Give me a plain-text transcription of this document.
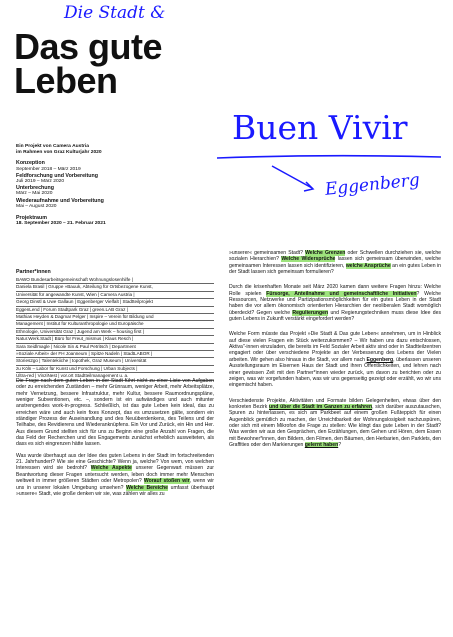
Die Stadt &
Das gute
Leben
Buen Vivir
Eggenberg
Ein Projekt von Camera Austria
im Rahmen von Graz Kulturjahr 2020
Konzeption
September 2018 – März 2019
Feldforschung und Vorbereitung
Juli 2019 – März 2020
Unterbrechung
März – Mai 2020
Wiederaufnahme und Vorbereitung
Mai – August 2020
Projektraum
18. September 2020 – 21. Februar 2021
Partner*innen
BAWO Bundesarbeitsgemeinschaft Wohnungslosenhilfe |
Daniela Brasil | Gruppe »Bauuk, Abteilung für Ortsbezogene Kunst,
Universität für angewandte Kunst, Wien | Camera Austria |
Georg Dinstl & Uwe Gallaun | Eggenberger Vielfalt | Stadtteilprojekt
EggenLend | Forum Stadtpark Graz | green.LAB Graz |
Mathias Heyden & Dagmar Pelger | Inspire – Verein für Bildung und
Management | Institut für Kulturanthropologie und Europäische
Ethnologie, Universität Graz | Jugend am Werk – housing first |
Natur.Werk.Stadt | Büro für Freut_mismus | Klaus Resch |
Sara Seidlmagle | Nicole Sin & Paul Petritsch | Department
»Soziale Arbeit« der FH Joanneum | Spitze Nadeln | StadtLABOR |
Stories2go | Talentekiiche | topothek, Graz Museum | Universität
zu Köln – Labor für Kunst und Forschung | Urban Subjects |
Ultra-red | VinziNest | vor.ort Stadtteilmanagement u. a.

Die Frage nach dem guten Leben in der Stadt führt nicht zu einer Liste von Aufgaben oder zu erreichenden Zuständen – mehr Grünraum, weniger Arbeit, mehr Arbeitsplätze, mehr Vernetzung, bessere Infrastruktur, mehr Kultur, bessere Raumordnungspläne, weniger Subventionen, etc. –, sondern ist ein aufwändiges und auch mitunter anstrengendes work-in-progress. Schließlich, ist das gute Leben kein ideal, das zu erreichen wäre und auch kein fixes Konzept, das es umzusetzen gälte, sondern ein ständiger Prozess der Auseinandlung und des Neuüberdenkens, des Teilens und der Teilhabe, des Revidierens und Wiederanknüpfens. Ein Vor und Zurück, ein Hin und Her. Aus diesem Grund stellten sich für uns zu Beginn eine große Anzahl von Fragen, die das Feld der Recherchen und des Engagements zunächst erheblich ausweiteten, als dass es sich eingrenzen hätte lassen.

Was wurde überhaupt aus der Idee des guten Lebens in der Stadt im fortschreitenden 21. Jahrhundert? Wie sie eine Geschichte? Wenn ja, welche? Von wem, von welchen Interessen wird sie bedroht? Welche Aspekte unserer Gegenwart müssen zur Beantwortung dieser Fragen untersucht werden, leben doch immer mehr Menschen weltweit in immer größeren Städten oder Metropolen? Worauf stoßen wir, wenn wir uns in unserer lokalen Umgebung umsehen? Welche Bereiche umfasst überhaupt »unsere« Stadt, wie große denken wir sie, was zählen wir alles zu

»unserer« gemeinsamen Stadt? Welche Grenzen oder Schwellen durchziehen sie, welche sozialen Hierarchien? Welche Widersprüche lassen sich gemeinsam überwinden, welche gemeinsamen Interessen lassen sich identifizieren, welche Ansprüche an ein gutes Leben in der Stadt lassen sich gemeinsam formulieren?

Durch die krisenhaften Monate seit März 2020 kamen dann weitere Fragen hinzu: Welche Rolle spielen Fürsorge, Anteilnahme und gemeinschaftliche Initiativen? Welche Ressourcen, Netzwerke und Partizipationsmöglichkeiten für ein gutes Leben in der Stadt haben die vor allem ökonomisch orientierten Hierarchien der neoliberalen Stadt womöglich überdeckt? Gegen welche Regulierungen und Regierungstechniken muss diese Idee des guten Lebens in Zukunft verstärkt eingefordert werden?

Welche Form müsste das Projekt »Die Stadt & Das gute Leben« annehmen, um in Hinblick auf diese vielen Fragen ein Stück weiterzukommen? – Wir haben uns dazu entschlossen, Aktiva"-innen einzuladen, die bereits im Feld Sozialer Arbeit aktiv sind oder in Stadtteilzentren engagiert oder über verschiedene Projekte an der Verbesserung des Lebens der Vielen arbeiten. Wir gehen also hinaus in die Stadt, vor allem nach Eggenberg, überlassen unseren Ausstellungsraum im Eisernen Haus der Stadt und ihren Öffentlichkeiten, und lehren nach einer gewissen Zeit mit den Partner*innen wieder zurück, um davon zu berichten oder zu zeigen, was wir vorgefunden haben, was wir uns gegenseitig gezeigt oder erzählt, wo wir uns eingemischt haben.

Verschiedenste Projekte, Aktivitäten und Formate bilden Gelegenheiten, etwas über den konkreten Bezirk und über die Stadt im Ganzen zu erfahren, sich darüber auszutauschen, Spuren zu hinterlassen, es sich am Parkbeet auf einem großen Fußteppich für einen Augenblick gemütlich zu machen, der Urreichtbarkeit der Wohnungslosigkeit nachzuspüren, oder sich mit einem Mikrofon die Frage zu stellen: Wie klingt das gute Leben in der Stadt? Was werden wir aus den Gesprächen, den Erzählungen, dem Gehen und Hören, dem Essen mit Bewohner*innen, den Bildern, den Filmen, den Bäumen, den Herbarien, den Parklets, den Graffities oder den Markierungen gelernt haben?
